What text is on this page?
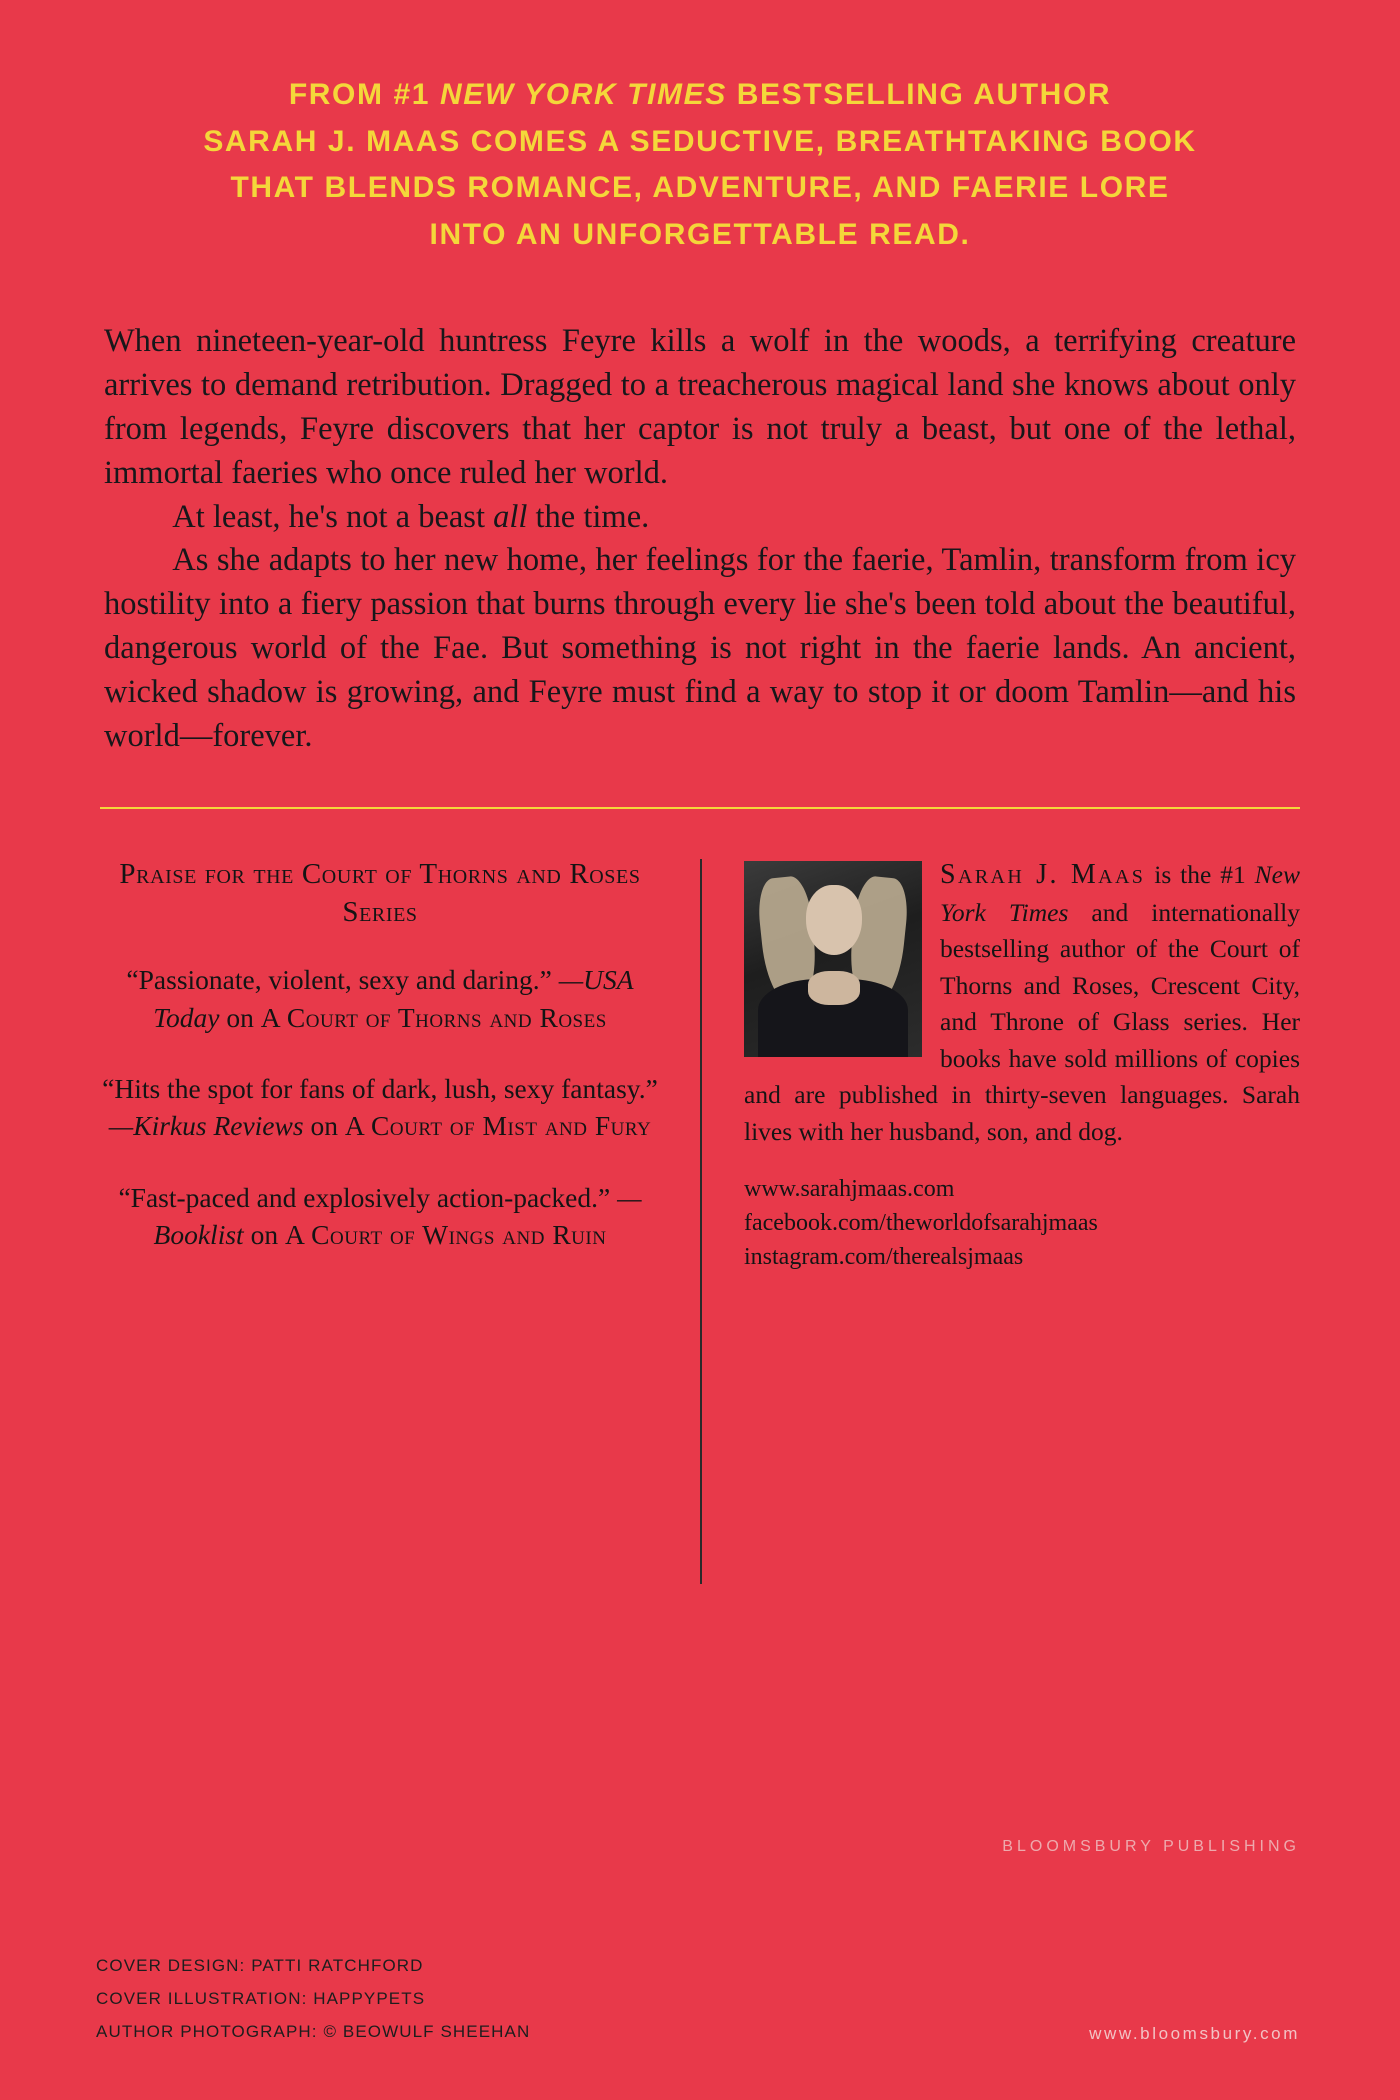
FROM #1 NEW YORK TIMES BESTSELLING AUTHOR
SARAH J. MAAS COMES A SEDUCTIVE, BREATHTAKING BOOK
THAT BLENDS ROMANCE, ADVENTURE, AND FAERIE LORE
INTO AN UNFORGETTABLE READ.

When nineteen-year-old huntress Feyre kills a wolf in the woods, a terrifying creature arrives to demand retribution. Dragged to a treacherous magical land she knows about only from legends, Feyre discovers that her captor is not truly a beast, but one of the lethal, immortal faeries who once ruled her world.

At least, he's not a beast all the time.

As she adapts to her new home, her feelings for the faerie, Tamlin, transform from icy hostility into a fiery passion that burns through every lie she's been told about the beautiful, dangerous world of the Fae. But something is not right in the faerie lands. An ancient, wicked shadow is growing, and Feyre must find a way to stop it or doom Tamlin—and his world—forever.

Praise for the Court of Thorns and Roses Series
“Passionate, violent, sexy and daring.” —USA Today on A Court of Thorns and Roses
“Hits the spot for fans of dark, lush, sexy fantasy.” —Kirkus Reviews on A Court of Mist and Fury
“Fast-paced and explosively action-packed.” —Booklist on A Court of Wings and Ruin
Sarah J. Maas is the #1 New York Times and internationally bestselling author of the Court of Thorns and Roses, Crescent City, and Throne of Glass series. Her books have sold millions of copies and are published in thirty-seven languages. Sarah lives with her husband, son, and dog.
www.sarahjmaas.com
facebook.com/theworldofsarahjmaas
instagram.com/therealsjmaas
BLOOMSBURY PUBLISHING
COVER DESIGN: PATTI RATCHFORD
COVER ILLUSTRATION: HAPPYPETS
AUTHOR PHOTOGRAPH: © BEOWULF SHEEHAN	www.bloomsbury.com
